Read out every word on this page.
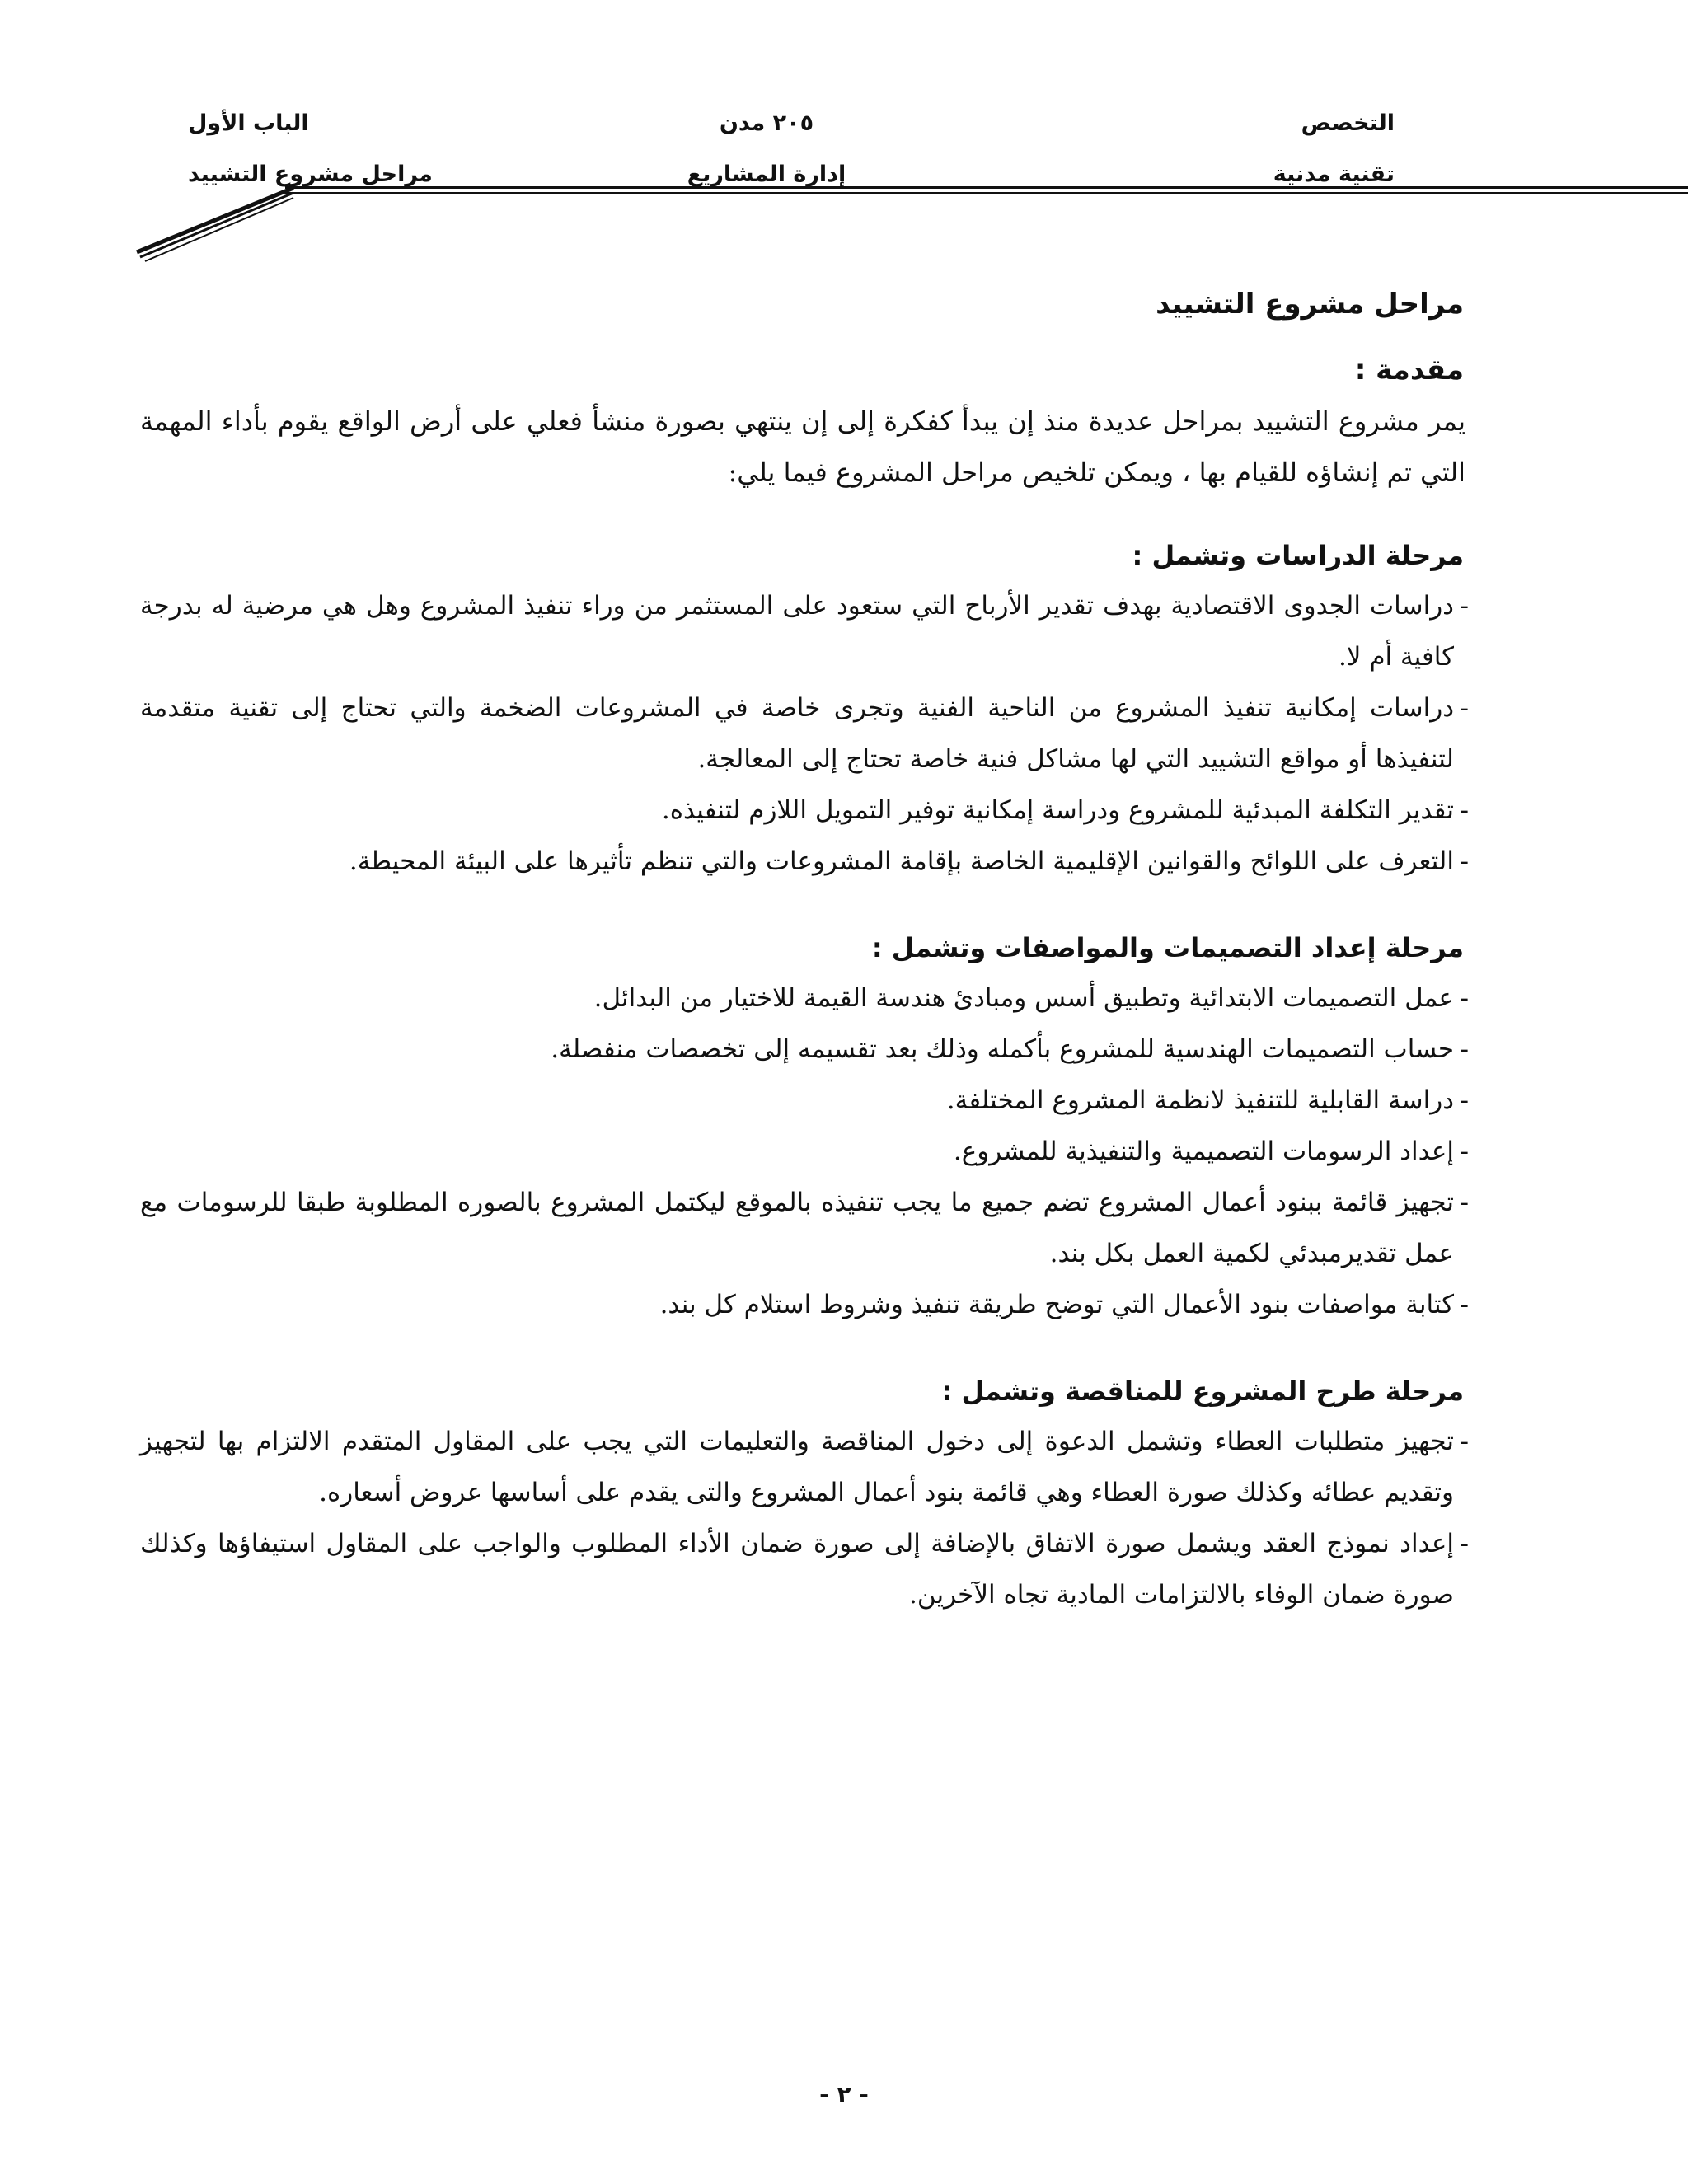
التخصص
تقنية مدنية
٢٠٥ مدن
إدارة المشاريع
الباب الأول
مراحل مشروع التشييد
مراحل مشروع التشييد
مقدمة :

يمر مشروع التشييد بمراحل عديدة منذ إن يبدأ كفكرة إلى إن ينتهي بصورة منشأ فعلي على أرض الواقع يقوم بأداء المهمة التي تم إنشاؤه للقيام بها ، ويمكن تلخيص مراحل المشروع فيما يلي:

مرحلة الدراسات وتشمل :
-
دراسات الجدوى الاقتصادية بهدف تقدير الأرباح التي ستعود على المستثمر من وراء تنفيذ المشروع وهل هي مرضية له بدرجة كافية أم لا.
-
دراسات إمكانية تنفيذ المشروع من الناحية الفنية وتجرى خاصة في المشروعات الضخمة والتي تحتاج إلى تقنية متقدمة لتنفيذها أو مواقع التشييد التي لها مشاكل فنية خاصة تحتاج إلى المعالجة.
-
تقدير التكلفة المبدئية للمشروع ودراسة إمكانية توفير التمويل اللازم لتنفيذه.
-
التعرف على اللوائح والقوانين الإقليمية الخاصة بإقامة المشروعات والتي تنظم تأثيرها على البيئة المحيطة.
مرحلة إعداد التصميمات والمواصفات وتشمل :
-
عمل التصميمات الابتدائية وتطبيق أسس ومبادئ هندسة القيمة للاختيار من البدائل.
-
حساب التصميمات الهندسية للمشروع بأكمله وذلك بعد تقسيمه إلى تخصصات منفصلة.
-
دراسة القابلية للتنفيذ لانظمة المشروع المختلفة.
-
إعداد الرسومات التصميمية والتنفيذية للمشروع.
-
تجهيز قائمة ببنود أعمال المشروع تضم جميع ما يجب تنفيذه بالموقع ليكتمل المشروع بالصوره المطلوبة طبقا للرسومات مع عمل تقديرمبدئي لكمية العمل بكل بند.
-
كتابة مواصفات بنود الأعمال التي توضح طريقة تنفيذ وشروط استلام كل بند.
مرحلة طرح المشروع للمناقصة وتشمل :
-
تجهيز متطلبات العطاء وتشمل الدعوة إلى دخول المناقصة والتعليمات التي يجب على المقاول المتقدم الالتزام بها لتجهيز وتقديم عطائه وكذلك صورة العطاء وهي قائمة بنود أعمال المشروع والتى يقدم على أساسها عروض أسعاره.
-
إعداد نموذج العقد ويشمل صورة الاتفاق بالإضافة إلى صورة ضمان الأداء المطلوب والواجب على المقاول استيفاؤها وكذلك صورة ضمان الوفاء بالالتزامات المادية تجاه الآخرين.
- ٢ -
